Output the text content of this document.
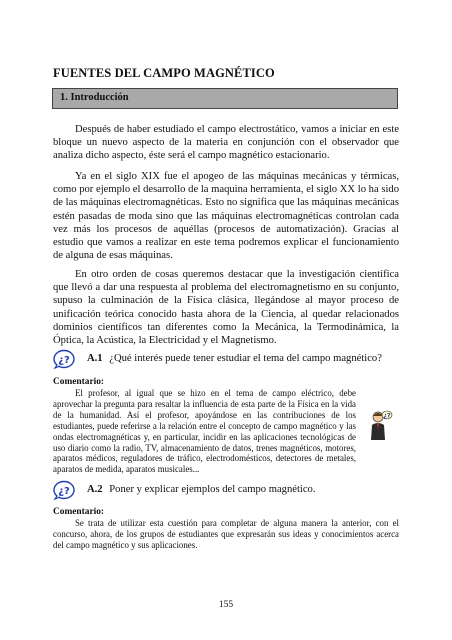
FUENTES DEL CAMPO MAGNÉTICO
1. Introducción

Después de haber estudiado el campo electrostático, vamos a iniciar en este bloque un nuevo aspecto de la materia en conjunción con el observador que analiza dicho aspecto, éste será el campo magnético estacionario.

Ya en el siglo XIX fue el apogeo de las máquinas mecánicas y térmicas, como por ejemplo el desarrollo de la maquina herramienta, el siglo XX lo ha sido de las máquinas electromagnéticas. Esto no significa que las máquinas mecánicas estén pasadas de moda sino que las máquinas electromagnéticas controlan cada vez más los procesos de aquéllas (procesos de automatización). Gracias al estudio que vamos a realizar en este tema podremos explicar el funcionamiento de alguna de esas máquinas.

En otro orden de cosas queremos destacar que la investigación científica que llevó a dar una respuesta al problema del electromagnetismo en su conjunto, supuso la culminación de la Física clásica, llegándose al mayor proceso de unificación teórica conocido hasta ahora de la Ciencia, al quedar relacionados dominios científicos tan diferentes como la Mecánica, la Termodinámica, la Óptica, la Acústica, la Electricidad y el Magnetismo.

¿? A.1 ¿Qué interés puede tener estudiar el tema del campo magnético?
Comentario:

El profesor, al igual que se hizo en el tema de campo eléctrico, debe aprovechar la pregunta para resaltar la influencia de esta parte de la Física en la vida de la humanidad. Así el profesor, apoyándose en las contribuciones de los estudiantes, puede referirse a la relación entre el concepto de campo magnético y las ondas electromagnéticas y, en particular, incidir en las aplicaciones tecnológicas de uso diario como la radio, TV, almacenamiento de datos, trenes magnéticos, motores, aparatos médicos, reguladores de tráfico, electrodomésticos, detectores de metales, aparatos de medida, aparatos musicales...

¿?
¿? A.2 Poner y explicar ejemplos del campo magnético.
Comentario:

Se trata de utilizar esta cuestión para completar de alguna manera la anterior, con el concurso, ahora, de los grupos de estudiantes que expresarán sus ideas y conocimientos acerca del campo magnético y sus aplicaciones.

155
